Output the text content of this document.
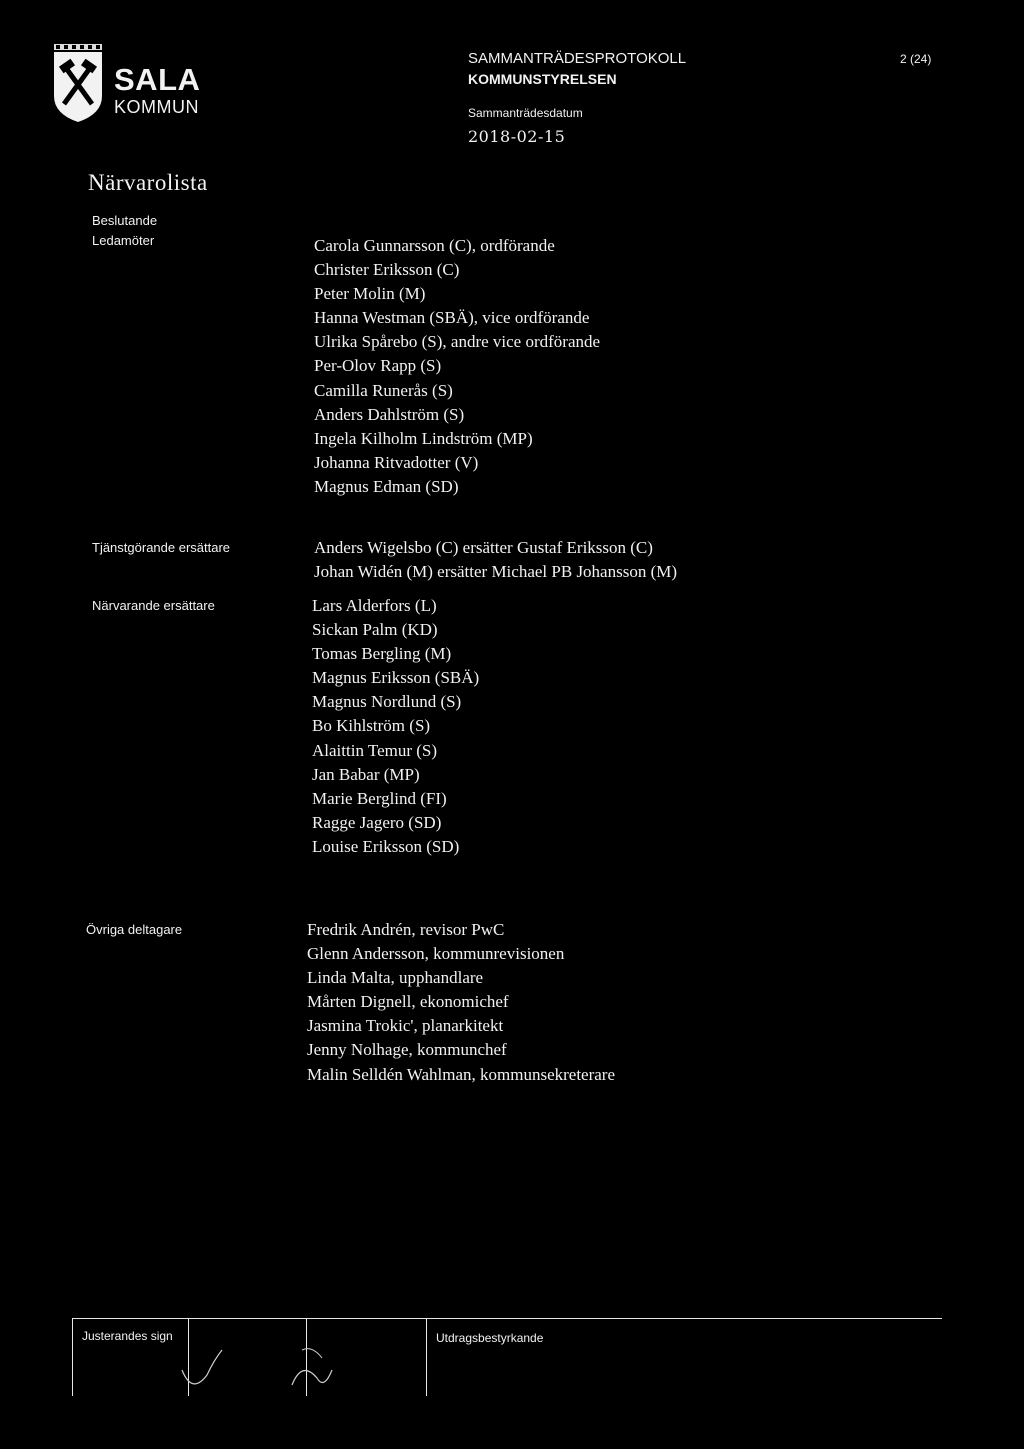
SALA
KOMMUN
SAMMANTRÄDESPROTOKOLL
KOMMUNSTYRELSEN
Sammanträdesdatum
2018-02-15
2 (24)
Närvarolista
Beslutande
Ledamöter	Carola Gunnarsson (C), ordförande
Christer Eriksson (C)
Peter Molin (M)
Hanna Westman (SBÄ), vice ordförande
Ulrika Spårebo (S), andre vice ordförande
Per-Olov Rapp (S)
Camilla Runerås (S)
Anders Dahlström (S)
Ingela Kilholm Lindström (MP)
Johanna Ritvadotter (V)
Magnus Edman (SD)
Tjänstgörande ersättare	Anders Wigelsbo (C) ersätter Gustaf Eriksson (C)
Johan Widén (M) ersätter Michael PB Johansson (M)
Närvarande ersättare	Lars Alderfors (L)
Sickan Palm (KD)
Tomas Bergling (M)
Magnus Eriksson (SBÄ)
Magnus Nordlund (S)
Bo Kihlström (S)
Alaittin Temur (S)
Jan Babar (MP)
Marie Berglind (FI)
Ragge Jagero (SD)
Louise Eriksson (SD)
Övriga deltagare	Fredrik Andrén, revisor PwC
Glenn Andersson, kommunrevisionen
Linda Malta, upphandlare
Mårten Dignell, ekonomichef
Jasmina Trokic', planarkitekt
Jenny Nolhage, kommunchef
Malin Selldén Wahlman, kommunsekreterare
Justerandes sign	Utdragsbestyrkande
